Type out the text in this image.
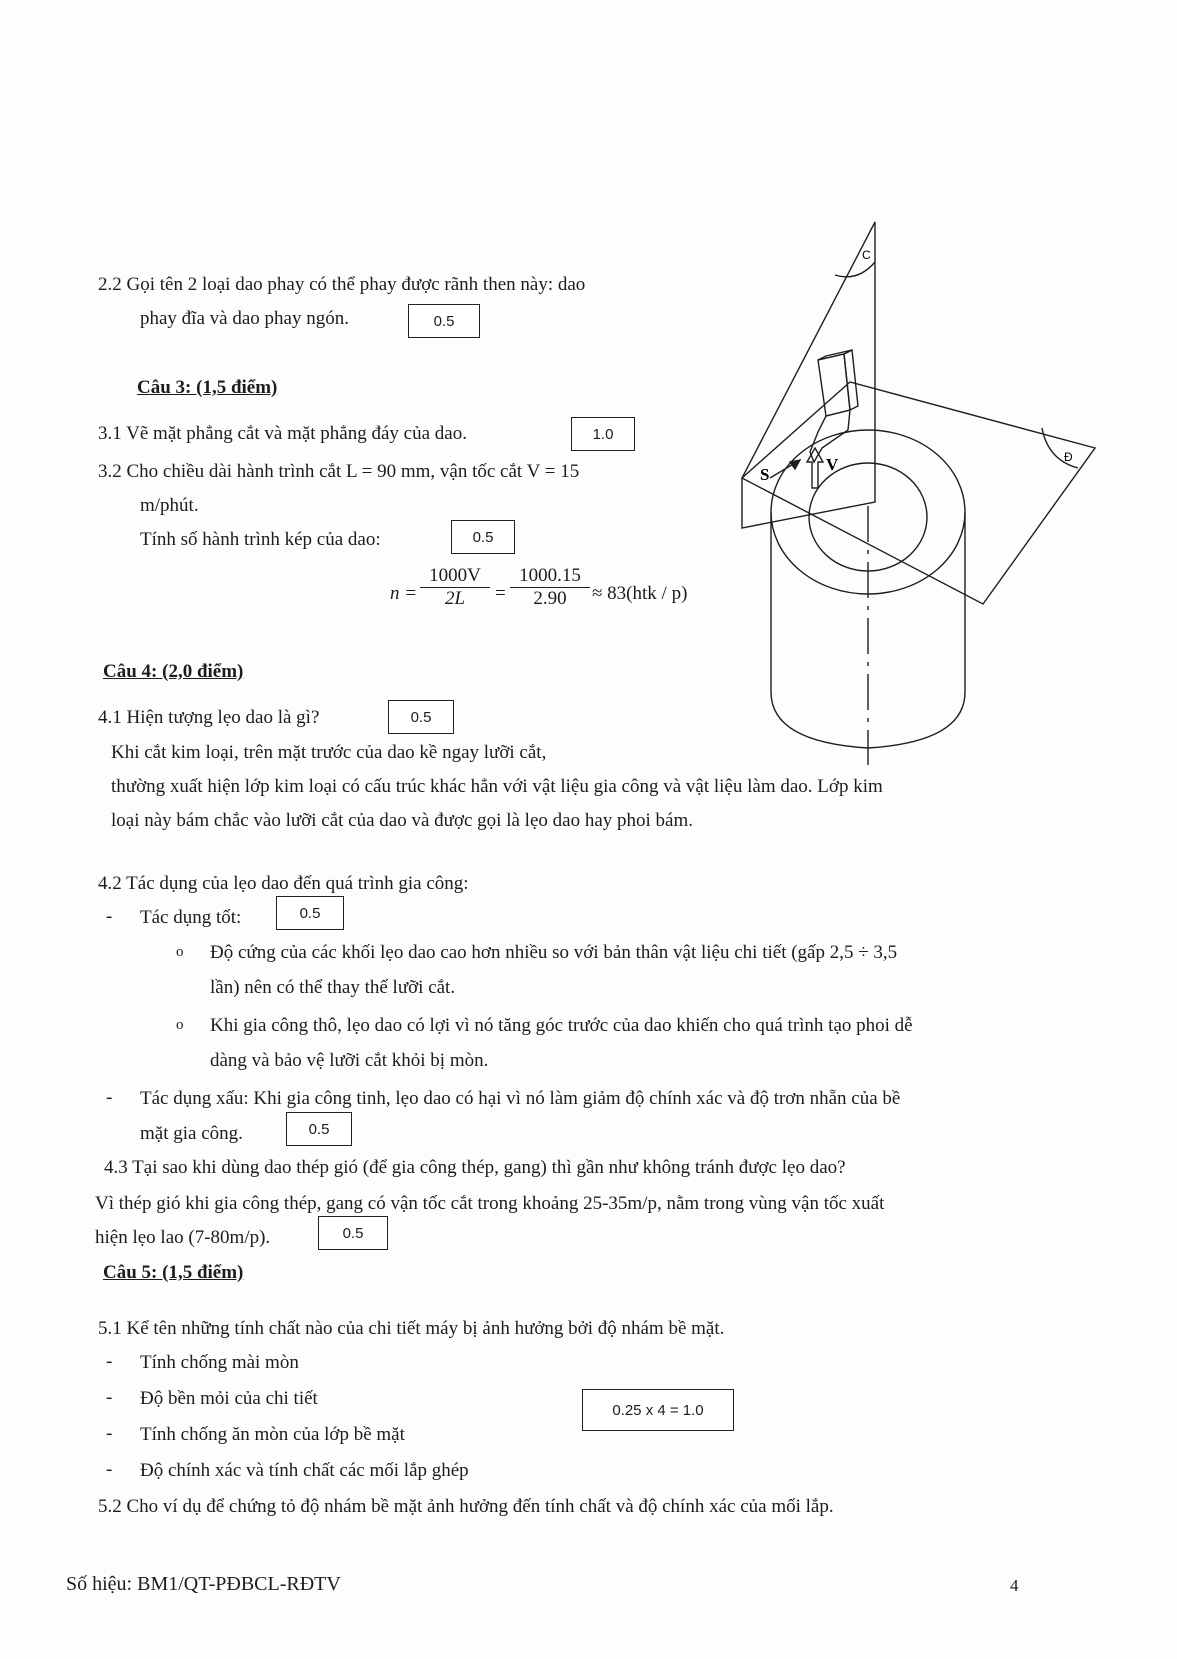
C
Đ
S
V
2.2 Gọi tên 2 loại dao phay có thể phay được rãnh then này: dao
phay đĩa và dao phay ngón.	0.5
Câu 3: (1,5 điểm)
3.1 Vẽ mặt phẳng cắt và mặt phẳng đáy của dao.	1.0
3.2 Cho chiều dài hành trình cắt L = 90 mm, vận tốc cắt V = 15
m/phút.
Tính số hành trình kép của dao:	0.5
$n = \frac{1000V}{2L} = \frac{1000.15}{2.90} \approx 83(htk / p)$
Câu 4: (2,0 điểm)
4.1 Hiện tượng lẹo dao là gì?	0.5
Khi cắt kim loại, trên mặt trước của dao kề ngay lưỡi cắt,
thường xuất hiện lớp kim loại có cấu trúc khác hẳn với vật liệu gia công và vật liệu làm dao. Lớp kim
loại này bám chắc vào lưỡi cắt của dao và được gọi là lẹo dao hay phoi bám.
4.2 Tác dụng của lẹo dao đến quá trình gia công:
- Tác dụng tốt:	0.5
o Độ cứng của các khối lẹo dao cao hơn nhiều so với bản thân vật liệu chi tiết (gấp 2,5 ÷ 3,5
lần) nên có thể thay thế lưỡi cắt.
o Khi gia công thô, lẹo dao có lợi vì nó tăng góc trước của dao khiến cho quá trình tạo phoi dễ
dàng và bảo vệ lưỡi cắt khỏi bị mòn.
- Tác dụng xấu: Khi gia công tinh, lẹo dao có hại vì nó làm giảm độ chính xác và độ trơn nhẵn của bề
mặt gia công.	0.5
4.3 Tại sao khi dùng dao thép gió (để gia công thép, gang) thì gần như không tránh được lẹo dao?
Vì thép gió khi gia công thép, gang có vận tốc cắt trong khoảng 25-35m/p, nằm trong vùng vận tốc xuất
hiện lẹo lao (7-80m/p).	0.5
Câu 5: (1,5 điểm)
5.1 Kể tên những tính chất nào của chi tiết máy bị ảnh hưởng bởi độ nhám bề mặt.
- Tính chống mài mòn
- Độ bền mỏi của chi tiết
- Tính chống ăn mòn của lớp bề mặt
- Độ chính xác và tính chất các mối lắp ghép
0.25 x 4 = 1.0
5.2 Cho ví dụ để chứng tỏ độ nhám bề mặt ảnh hưởng đến tính chất và độ chính xác của mối lắp.
Số hiệu: BM1/QT-PĐBCL-RĐTV	4
